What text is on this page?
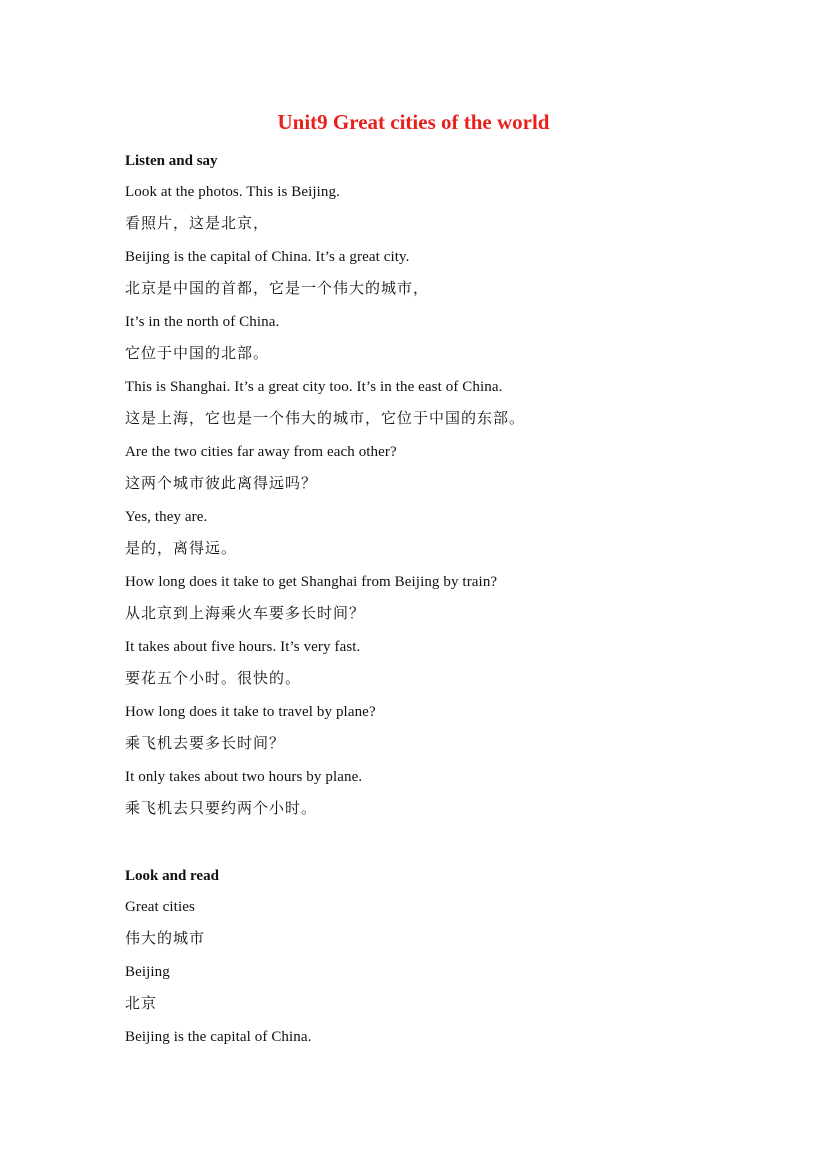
Unit9 Great cities of the world

Listen and say

Look at the photos. This is Beijing.

看照片，这是北京，

Beijing is the capital of China. It’s a great city.

北京是中国的首都，它是一个伟大的城市，

It’s in the north of China.

它位于中国的北部。

This is Shanghai. It’s a great city too. It’s in the east of China.

这是上海，它也是一个伟大的城市，它位于中国的东部。

Are the two cities far away from each other?

这两个城市彼此离得远吗？

Yes, they are.

是的，离得远。

How long does it take to get Shanghai from Beijing by train?

从北京到上海乘火车要多长时间？

It takes about five hours. It’s very fast.

要花五个小时。很快的。

How long does it take to travel by plane?

乘飞机去要多长时间？

It only takes about two hours by plane.

乘飞机去只要约两个小时。

Look and read

Great cities

伟大的城市

Beijing

北京

Beijing is the capital of China.
